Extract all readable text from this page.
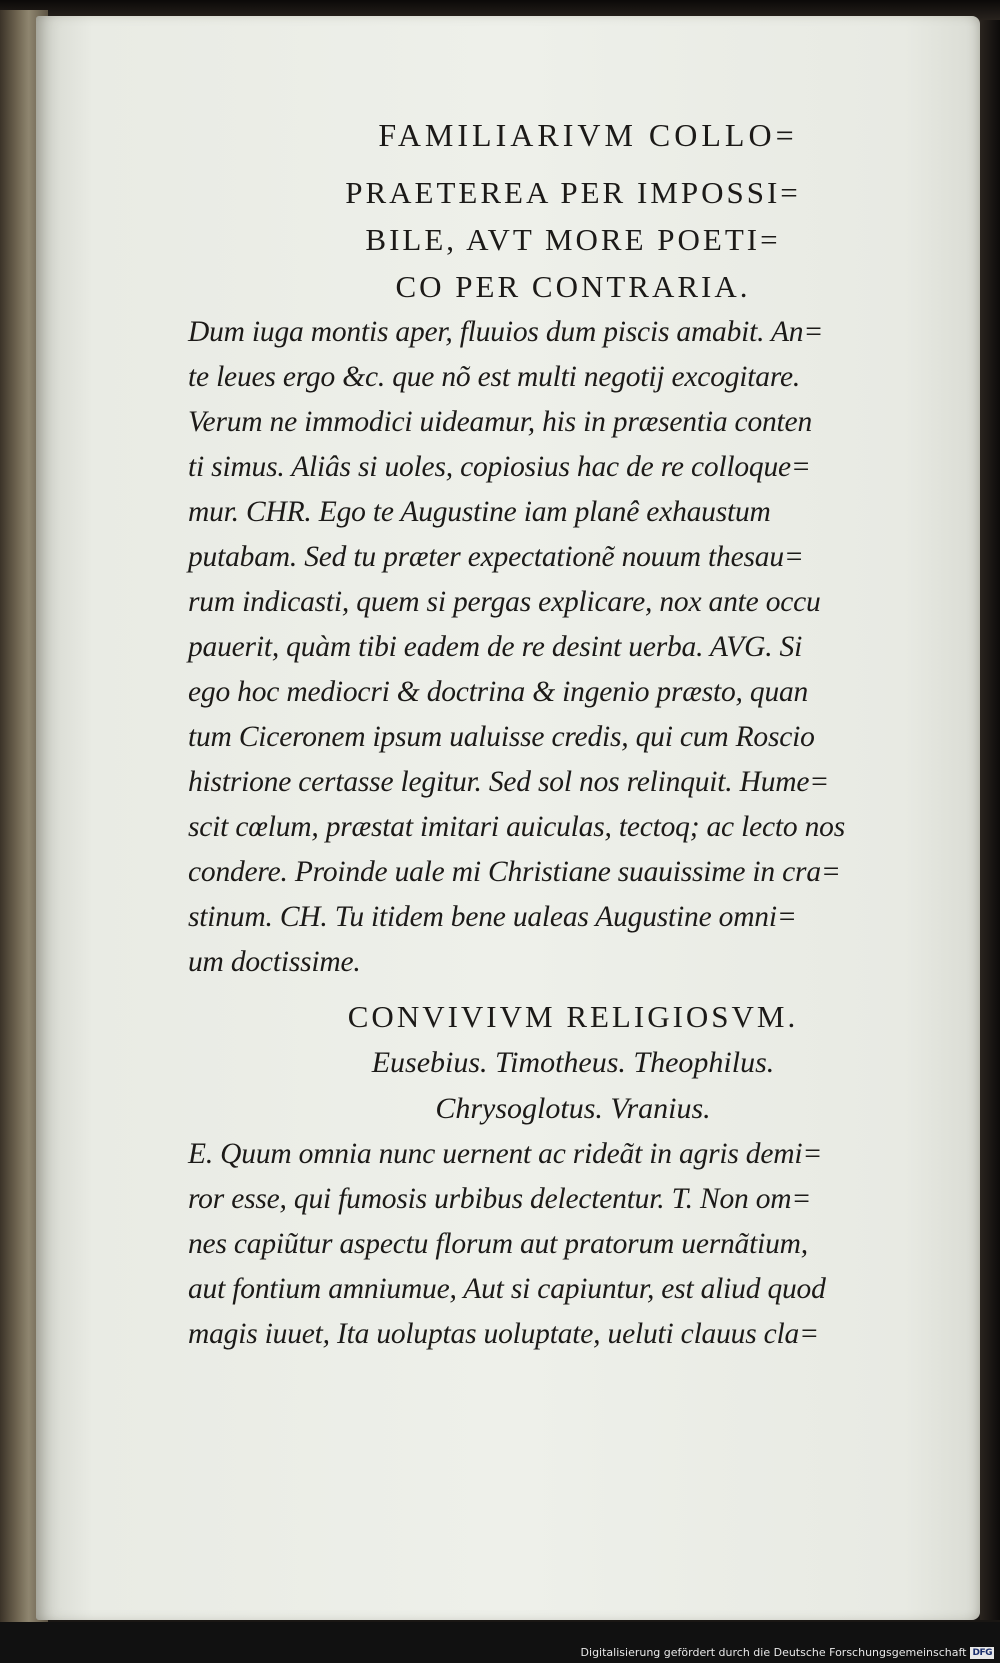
FAMILIARIVM COLLO=
PRAETEREA PER IMPOSSI=
BILE, AVT MORE POETI=
CO PER CONTRARIA.
Dum iuga montis aper, fluuios dum piscis amabit. An=
te leues ergo &c. que nõ est multi negotij excogitare.
Verum ne immodici uideamur, his in præsentia conten
ti simus. Aliâs si uoles, copiosius hac de re colloque=
mur. CHR. Ego te Augustine iam planê exhaustum
putabam. Sed tu præter expectationẽ nouum thesau=
rum indicasti, quem si pergas explicare, nox ante occu
pauerit, quàm tibi eadem de re desint uerba. AVG. Si
ego hoc mediocri & doctrina & ingenio præsto, quan
tum Ciceronem ipsum ualuisse credis, qui cum Roscio
histrione certasse legitur. Sed sol nos relinquit. Hume=
scit cœlum, præstat imitari auiculas, tectoq; ac lecto nos
condere. Proinde uale mi Christiane suauissime in cra=
stinum. CH. Tu itidem bene ualeas Augustine omni=
um doctissime.
CONVIVIVM RELIGIOSVM.
Eusebius. Timotheus. Theophilus.
Chrysoglotus. Vranius.
E. Quum omnia nunc uernent ac rideãt in agris demi=
ror esse, qui fumosis urbibus delectentur. T. Non om=
nes capiũtur aspectu florum aut pratorum uernãtium,
aut fontium amniumue, Aut si capiuntur, est aliud quod
magis iuuet, Ita uoluptas uoluptate, ueluti clauus cla=
Digitalisierung gefördert durch die Deutsche Forschungsgemeinschaft DFG
